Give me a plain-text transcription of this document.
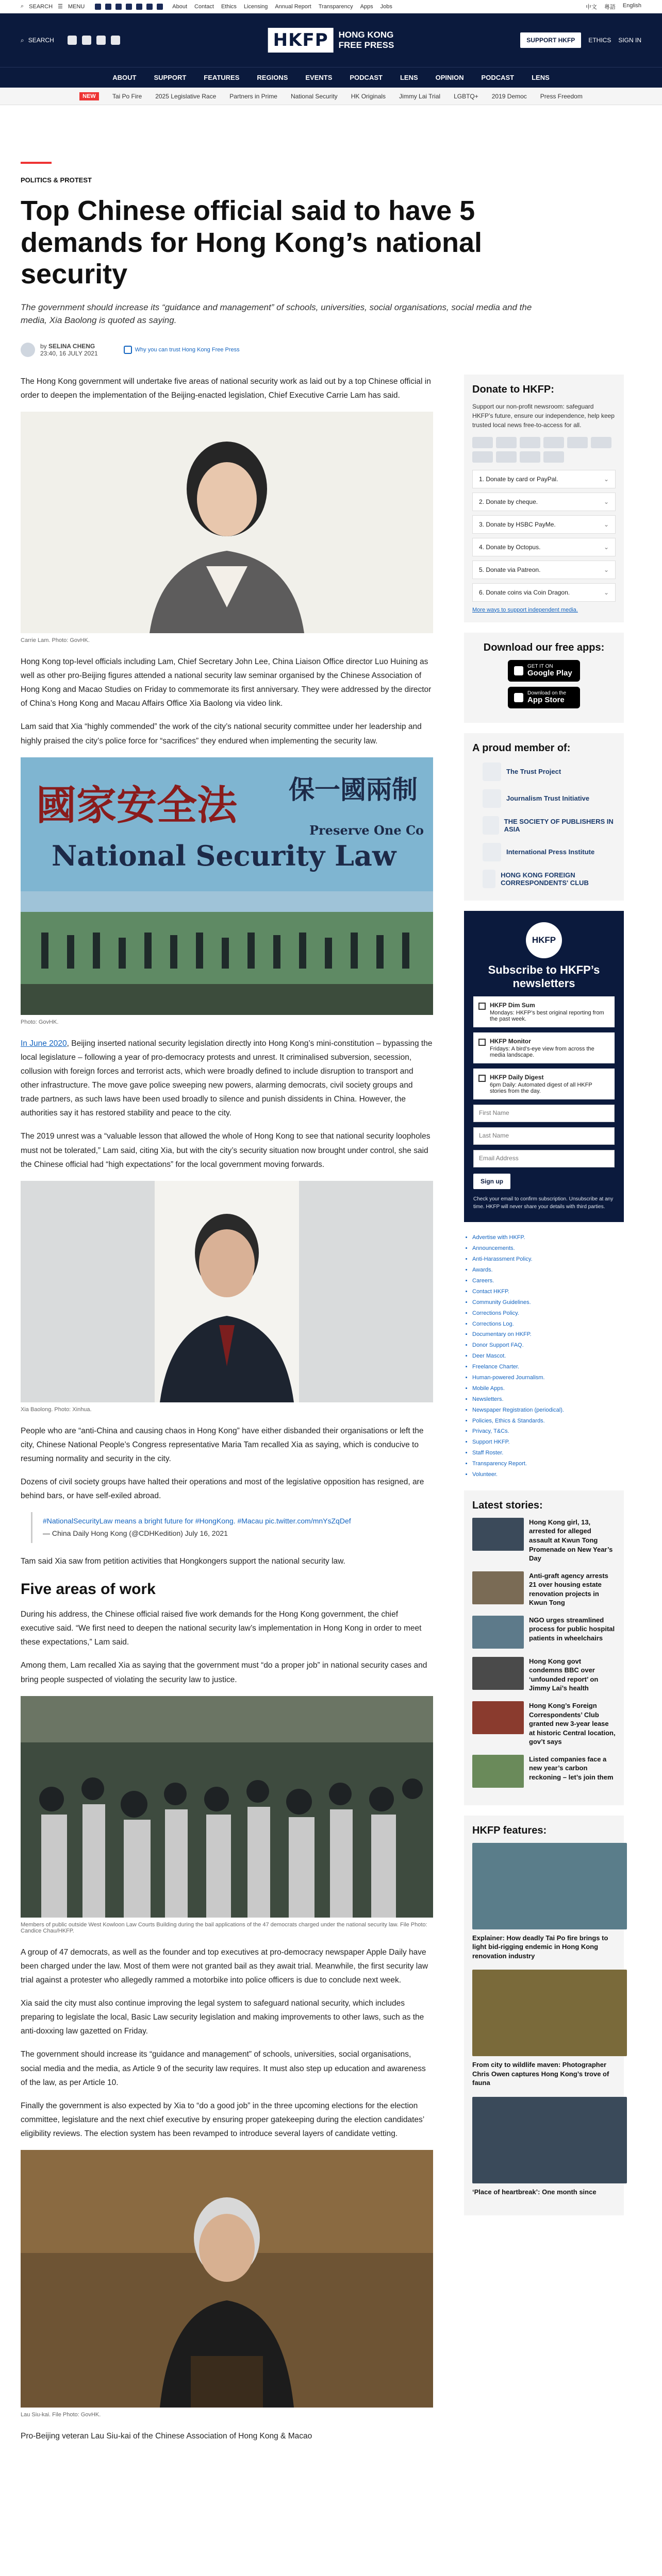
⌕ SEARCH ☰ MENU	About Contact Ethics Licensing Annual Report Transparency Apps Jobs	中文 粵語 English
⌕ SEARCH	HKFP	HONG KONG
FREE PRESS	SUPPORT HKFP	ETHICS SIGN IN
ABOUT	SUPPORT	FEATURES	REGIONS	EVENTS	PODCAST	LENS	OPINION	PODCAST	LENS
NEW	Tai Po Fire 2025 Legislative Race Partners in Prime National Security HK Originals Jimmy Lai Trial LGBTQ+ 2019 Democ Press Freedom
POLITICS & PROTEST
Top Chinese official said to have 5 demands for Hong Kong’s national security
The government should increase its “guidance and management” of schools, universities, social organisations, social media and the media, Xia Baolong is quoted as saying.
by SELINA CHENG
23:40, 16 JULY 2021	Why you can trust Hong Kong Free Press

The Hong Kong government will undertake five areas of national security work as laid out by a top Chinese official in order to deepen the implementation of the Beijing-enacted legislation, Chief Executive Carrie Lam has said.

Carrie Lam. Photo: GovHK.

Hong Kong top-level officials including Lam, Chief Secretary John Lee, China Liaison Office director Luo Huining as well as other pro-Beijing figures attended a national security law seminar organised by the Chinese Association of Hong Kong and Macao Studies on Friday to commemorate its first anniversary. They were addressed by the director of China’s Hong Kong and Macau Affairs Office Xia Baolong via video link.

Lam said that Xia “highly commended” the work of the city’s national security committee under her leadership and highly praised the city’s police force for “sacrifices” they endured when implementing the security law.

國家安全法 保一國兩制
National Security Law
Preserve One Co
Photo: GovHK.

In June 2020, Beijing inserted national security legislation directly into Hong Kong’s mini-constitution – bypassing the local legislature – following a year of pro-democracy protests and unrest. It criminalised subversion, secession, collusion with foreign forces and terrorist acts, which were broadly defined to include disruption to transport and other infrastructure. The move gave police sweeping new powers, alarming democrats, civil society groups and trade partners, as such laws have been used broadly to silence and punish dissidents in China. However, the authorities say it has restored stability and peace to the city.

The 2019 unrest was a “valuable lesson that allowed the whole of Hong Kong to see that national security loopholes must not be tolerated,” Lam said, citing Xia, but with the city’s security situation now brought under control, she said the Chinese official had “high expectations” for the local government moving forwards.

Xia Baolong. Photo: Xinhua.

People who are “anti-China and causing chaos in Hong Kong” have either disbanded their organisations or left the city, Chinese National People’s Congress representative Maria Tam recalled Xia as saying, which is conducive to resuming normality and security in the city.

Dozens of civil society groups have halted their operations and most of the legislative opposition has resigned, are behind bars, or have self-exiled abroad.

#NationalSecurityLaw means a bright future for #HongKong. #Macau pic.twitter.com/mnYsZqDef
— China Daily Hong Kong (@CDHKedition) July 16, 2021

Tam said Xia saw from petition activities that Hongkongers support the national security law.

Five areas of work

During his address, the Chinese official raised five work demands for the Hong Kong government, the chief executive said. “We first need to deepen the national security law’s implementation in Hong Kong in order to meet these expectations,” Lam said.

Among them, Lam recalled Xia as saying that the government must “do a proper job” in national security cases and bring people suspected of violating the security law to justice.

Members of public outside West Kowloon Law Courts Building during the bail applications of the 47 democrats charged under the national security law. File Photo: Candice Chau/HKFP.

A group of 47 democrats, as well as the founder and top executives at pro-democracy newspaper Apple Daily have been charged under the law. Most of them were not granted bail as they await trial. Meanwhile, the first security law trial against a protester who allegedly rammed a motorbike into police officers is due to conclude next week.

Xia said the city must also continue improving the legal system to safeguard national security, which includes preparing to legislate the local, Basic Law security legislation and making improvements to other laws, such as the anti-doxxing law gazetted on Friday.

The government should increase its “guidance and management” of schools, universities, social organisations, social media and the media, as Article 9 of the security law requires. It must also step up education and awareness of the law, as per Article 10.

Finally the government is also expected by Xia to “do a good job” in the three upcoming elections for the election committee, legislature and the next chief executive by ensuring proper gatekeeping during the election candidates’ eligibility reviews. The election system has been revamped to introduce several layers of candidate vetting.

Lau Siu-kai. File Photo: GovHK.

Pro-Beijing veteran Lau Siu-kai of the Chinese Association of Hong Kong & Macao

Donate to HKFP:
Support our non-profit newsroom: safeguard HKFP’s future, ensure our independence, help keep trusted local news free-to-access for all.
1. Donate by card or PayPal.	⌄
2. Donate by cheque.	⌄
3. Donate by HSBC PayMe.	⌄
4. Donate by Octopus.	⌄
5. Donate via Patreon.	⌄
6. Donate coins via Coin Dragon.	⌄
More ways to support independent media.
Download our free apps:
GET IT ON
Google Play
Download on the
App Store
A proud member of:
The Trust Project
Journalism Trust Initiative
THE SOCIETY OF PUBLISHERS IN ASIA
International Press Institute
HONG KONG FOREIGN CORRESPONDENTS' CLUB
HKFP
Subscribe to HKFP’s newsletters
HKFP Dim Sum
Mondays: HKFP’s best original reporting from the past week.
HKFP Monitor
Fridays: A bird’s-eye view from across the media landscape.
HKFP Daily Digest
6pm Daily: Automated digest of all HKFP stories from the day.
First Name
Last Name
Email Address
Sign up
Check your email to confirm subscription. Unsubscribe at any time. HKFP will never share your details with third parties.
• Advertise with HKFP.
• Announcements.
• Anti-Harassment Policy.
• Awards.
• Careers.
• Contact HKFP.
• Community Guidelines.
• Corrections Policy.
• Corrections Log.
• Documentary on HKFP.
• Donor Support FAQ.
• Deer Mascot.
• Freelance Charter.
• Human-powered Journalism.
• Mobile Apps.
• Newsletters.
• Newspaper Registration (periodical).
• Policies, Ethics & Standards.
• Privacy, T&Cs.
• Support HKFP.
• Staff Roster.
• Transparency Report.
• Volunteer.
Latest stories:
Hong Kong girl, 13, arrested for alleged assault at Kwun Tong Promenade on New Year’s Day
Anti-graft agency arrests 21 over housing estate renovation projects in Kwun Tong
NGO urges streamlined process for public hospital patients in wheelchairs
Hong Kong govt condemns BBC over ‘unfounded report’ on Jimmy Lai’s health
Hong Kong’s Foreign Correspondents’ Club granted new 3-year lease at historic Central location, gov’t says
Listed companies face a new year’s carbon reckoning – let’s join them
HKFP features:
Explainer: How deadly Tai Po fire brings to light bid-rigging endemic in Hong Kong renovation industry
From city to wildlife maven: Photographer Chris Owen captures Hong Kong’s trove of fauna
‘Place of heartbreak’: One month since
